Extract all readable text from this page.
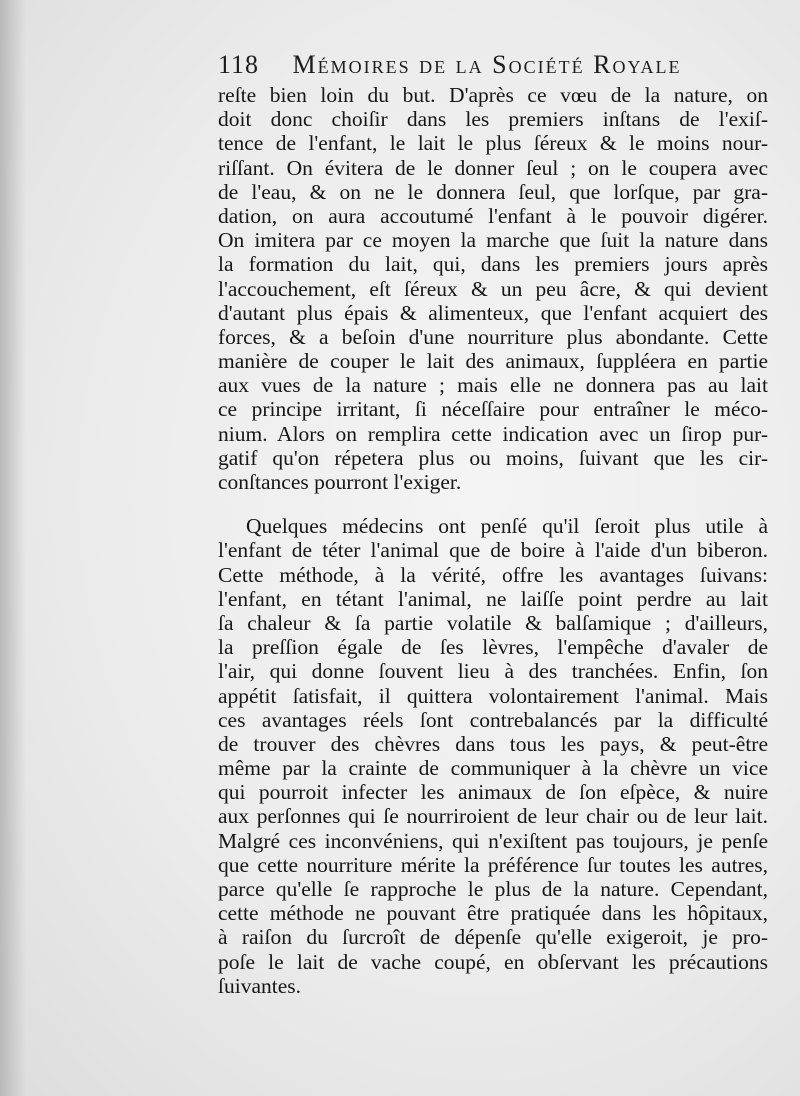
118 Mémoires de la Société Royale
reſte bien loin du but. D'après ce vœu de la nature, on
doit donc choiſir dans les premiers inſtans de l'exiſ-
tence de l'enfant, le lait le plus ſéreux & le moins nour-
riſſant. On évitera de le donner ſeul ; on le coupera avec
de l'eau, & on ne le donnera ſeul, que lorſque, par gra-
dation, on aura accoutumé l'enfant à le pouvoir digérer.
On imitera par ce moyen la marche que ſuit la nature dans
la formation du lait, qui, dans les premiers jours après
l'accouchement, eſt ſéreux & un peu âcre, & qui devient
d'autant plus épais & alimenteux, que l'enfant acquiert des
forces, & a beſoin d'une nourriture plus abondante. Cette
manière de couper le lait des animaux, ſuppléera en partie
aux vues de la nature ; mais elle ne donnera pas au lait
ce principe irritant, ſi néceſſaire pour entraîner le méco-
nium. Alors on remplira cette indication avec un ſirop pur-
gatif qu'on répetera plus ou moins, ſuivant que les cir-
conſtances pourront l'exiger.
Quelques médecins ont penſé qu'il ſeroit plus utile à
l'enfant de téter l'animal que de boire à l'aide d'un biberon.
Cette méthode, à la vérité, offre les avantages ſuivans:
l'enfant, en tétant l'animal, ne laiſſe point perdre au lait
ſa chaleur & ſa partie volatile & balſamique ; d'ailleurs,
la preſſion égale de ſes lèvres, l'empêche d'avaler de
l'air, qui donne ſouvent lieu à des tranchées. Enfin, ſon
appétit ſatisfait, il quittera volontairement l'animal. Mais
ces avantages réels ſont contrebalancés par la difficulté
de trouver des chèvres dans tous les pays, & peut-être
même par la crainte de communiquer à la chèvre un vice
qui pourroit infecter les animaux de ſon eſpèce, & nuire
aux perſonnes qui ſe nourriroient de leur chair ou de leur lait.
Malgré ces inconvéniens, qui n'exiſtent pas toujours, je penſe
que cette nourriture mérite la préférence ſur toutes les autres,
parce qu'elle ſe rapproche le plus de la nature. Cependant,
cette méthode ne pouvant être pratiquée dans les hôpitaux,
à raiſon du ſurcroît de dépenſe qu'elle exigeroit, je pro-
poſe le lait de vache coupé, en obſervant les précautions
ſuivantes.
